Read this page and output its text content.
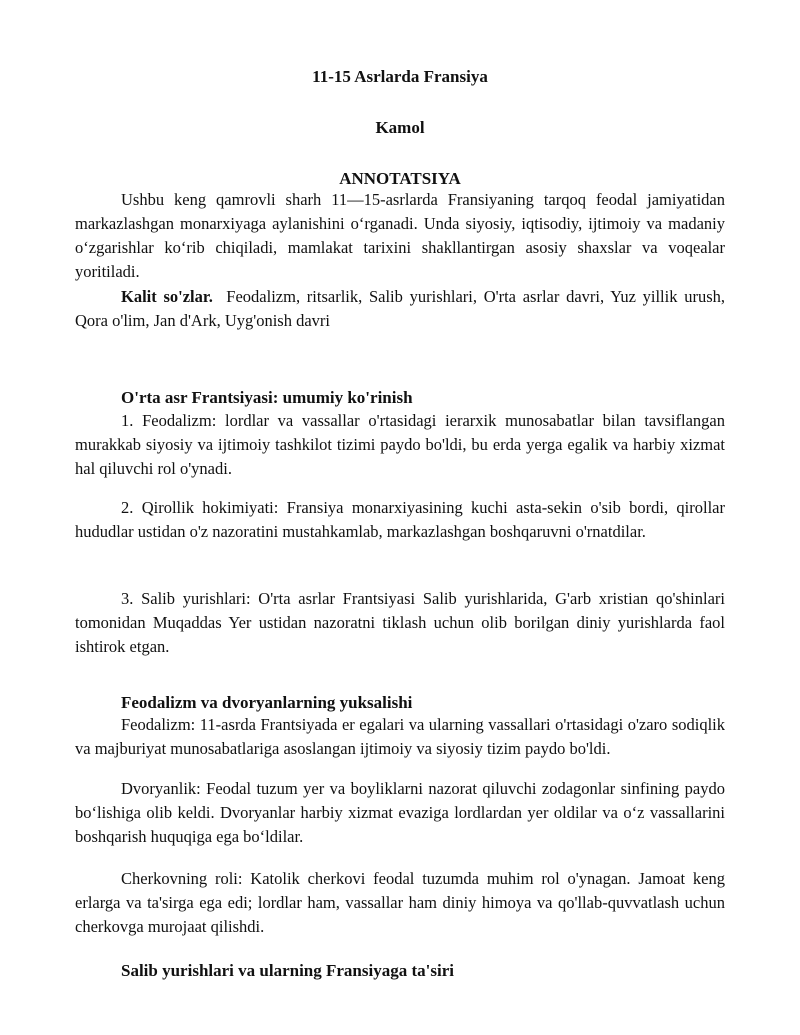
11-15 Asrlarda Fransiya
Kamol
ANNOTATSIYA

Ushbu keng qamrovli sharh 11—15-asrlarda Fransiyaning tarqoq feodal jamiyatidan markazlashgan monarxiyaga aylanishini oʻrganadi. Unda siyosiy, iqtisodiy, ijtimoiy va madaniy oʻzgarishlar koʻrib chiqiladi, mamlakat tarixini shakllantirgan asosiy shaxslar va voqealar yoritiladi.

Kalit so'zlar. Feodalizm, ritsarlik, Salib yurishlari, O'rta asrlar davri, Yuz yillik urush, Qora o'lim, Jan d'Ark, Uyg'onish davri

O'rta asr Frantsiyasi: umumiy ko'rinish

1. Feodalizm: lordlar va vassallar o'rtasidagi ierarxik munosabatlar bilan tavsiflangan murakkab siyosiy va ijtimoiy tashkilot tizimi paydo bo'ldi, bu erda yerga egalik va harbiy xizmat hal qiluvchi rol o'ynadi.

2. Qirollik hokimiyati: Fransiya monarxiyasining kuchi asta-sekin o'sib bordi, qirollar hududlar ustidan o'z nazoratini mustahkamlab, markazlashgan boshqaruvni o'rnatdilar.

3. Salib yurishlari: O'rta asrlar Frantsiyasi Salib yurishlarida, G'arb xristian qo'shinlari tomonidan Muqaddas Yer ustidan nazoratni tiklash uchun olib borilgan diniy yurishlarda faol ishtirok etgan.

Feodalizm va dvoryanlarning yuksalishi

Feodalizm: 11-asrda Frantsiyada er egalari va ularning vassallari o'rtasidagi o'zaro sodiqlik va majburiyat munosabatlariga asoslangan ijtimoiy va siyosiy tizim paydo bo'ldi.

Dvoryanlik: Feodal tuzum yer va boyliklarni nazorat qiluvchi zodagonlar sinfining paydo boʻlishiga olib keldi. Dvoryanlar harbiy xizmat evaziga lordlardan yer oldilar va oʻz vassallarini boshqarish huquqiga ega boʻldilar.

Cherkovning roli: Katolik cherkovi feodal tuzumda muhim rol o'ynagan. Jamoat keng erlarga va ta'sirga ega edi; lordlar ham, vassallar ham diniy himoya va qo'llab-quvvatlash uchun cherkovga murojaat qilishdi.

Salib yurishlari va ularning Fransiyaga ta'siri
